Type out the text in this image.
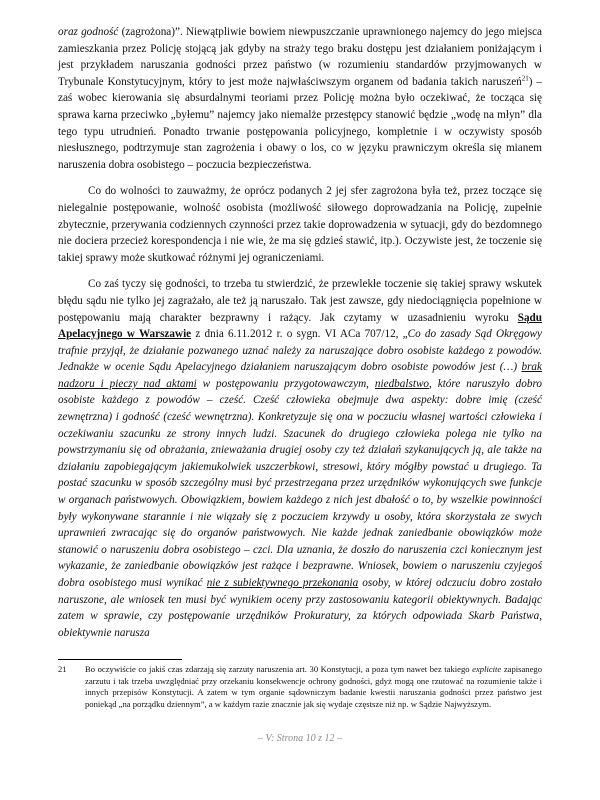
oraz godność (zagrożona)”. Niewątpliwie bowiem niewpuszczanie uprawnionego najemcy do jego miejsca zamieszkania przez Policję stojącą jak gdyby na straży tego braku dostępu jest działaniem poniżającym i jest przykładem naruszania godności przez państwo (w rozumieniu standardów przyjmowanych w Trybunale Konstytucyjnym, który to jest może najwłaściwszym organem od badania takich naruszeń$^{21}$) – zaś wobec kierowania się absurdalnymi teoriami przez Policję można było oczekiwać, że tocząca się sprawa karna przeciwko „byłemu” najemcy jako niemalże przestępcy stanowić będzie „wodę na młyn” dla tego typu utrudnień. Ponadto trwanie postępowania policyjnego, kompletnie i w oczywisty sposób niesłusznego, podtrzymuje stan zagrożenia i obawy o los, co w języku prawniczym określa się mianem naruszenia dobra osobistego – poczucia bezpieczeństwa.

Co do wolności to zauważmy, że oprócz podanych 2 jej sfer zagrożona była też, przez toczące się nielegalnie postępowanie, wolność osobista (możliwość siłowego doprowadzania na Policję, zupełnie zbytecznie, przerywania codziennych czynności przez takie doprowadzenia w sytuacji, gdy do bezdomnego nie dociera przecież korespondencja i nie wie, że ma się gdzieś stawić, itp.). Oczywiste jest, że toczenie się takiej sprawy może skutkować różnymi jej ograniczeniami.

Co zaś tyczy się godności, to trzeba tu stwierdzić, że przewlekłe toczenie się takiej sprawy wskutek błędu sądu nie tylko jej zagrażało, ale też ją naruszało. Tak jest zawsze, gdy niedociągnięcia popełnione w postępowaniu mają charakter bezprawny i rażący. Jak czytamy w uzasadnieniu wyroku Sądu Apelacyjnego w Warszawie z dnia 6.11.2012 r. o sygn. VI ACa 707/12, „Co do zasady Sąd Okręgowy trafnie przyjął, że działanie pozwanego uznać należy za naruszające dobro osobiste każdego z powodów. Jednakże w ocenie Sądu Apelacyjnego działaniem naruszającym dobro osobiste powodów jest (…) brak nadzoru i pieczy nad aktami w postępowaniu przygotowawczym, niedbalstwo, które naruszyło dobro osobiste każdego z powodów – cześć. Cześć człowieka obejmuje dwa aspekty: dobre imię (cześć zewnętrzna) i godność (cześć wewnętrzna). Konkretyzuje się ona w poczuciu własnej wartości człowieka i oczekiwaniu szacunku ze strony innych ludzi. Szacunek do drugiego człowieka polega nie tylko na powstrzymaniu się od obrażania, znieważania drugiej osoby czy też działań szykanujących ją, ale także na działaniu zapobiegającym jakiemukolwiek uszczerbkowi, stresowi, który mógłby powstać u drugiego. Ta postać szacunku w sposób szczególny musi być przestrzegana przez urzędników wykonujących swe funkcje w organach państwowych. Obowiązkiem, bowiem każdego z nich jest dbałość o to, by wszelkie powinności były wykonywane starannie i nie wiązały się z poczuciem krzywdy u osoby, która skorzystała ze swych uprawnień zwracając się do organów państwowych. Nie każde jednak zaniedbanie obowiązków może stanowić o naruszeniu dobra osobistego – czci. Dla uznania, że doszło do naruszenia czci koniecznym jest wykazanie, że zaniedbanie obowiązków jest rażące i bezprawne. Wniosek, bowiem o naruszeniu czyjegoś dobra osobistego musi wynikać nie z subiektywnego przekonania osoby, w której odczuciu dobro zostało naruszone, ale wniosek ten musi być wynikiem oceny przy zastosowaniu kategorii obiektywnych. Badając zatem w sprawie, czy postępowanie urzędników Prokuratury, za których odpowiada Skarb Państwa, obiektywnie narusza

21 Bo oczywiście co jakiś czas zdarzają się zarzuty naruszenia art. 30 Konstytucji, a poza tym nawet bez takiego explicite zapisanego zarzutu i tak trzeba uwzględniać przy orzekaniu konsekwencje ochrony godności, gdyż mogą one rzutować na rozumienie także i innych przepisów Konstytucji. A zatem w tym organie sądowniczym badanie kwestii naruszania godności przez państwo jest poniekąd „na porządku dziennym”, a w każdym razie znacznie jak się wydaje częstsze niż np. w Sądzie Najwyższym.
– V: Strona 10 z 12 –
